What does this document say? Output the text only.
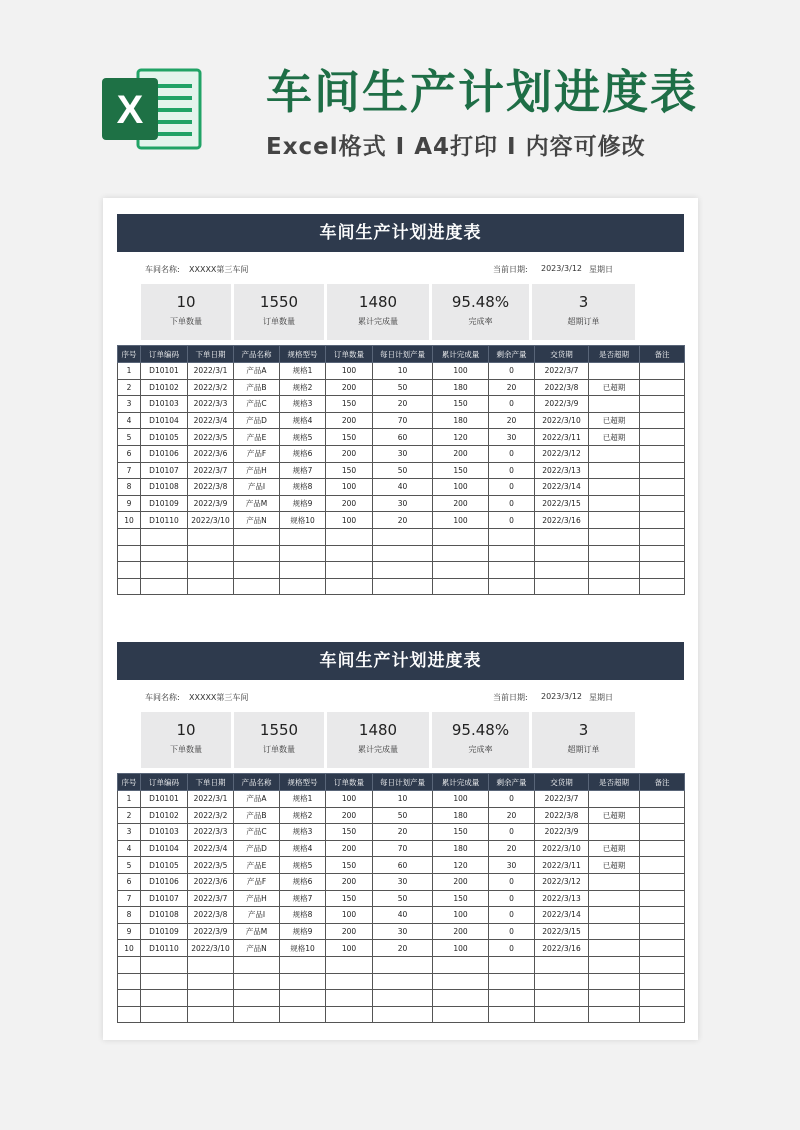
X	车间生产计划进度表
Excel格式 I A4打印 I 内容可修改
车间生产计划进度表
车间名称: XXXXX第三车间	当前日期: 2023/3/12 星期日
10
下单数量
1550
订单数量
1480
累计完成量
95.48%
完成率
3
超期订单
序号	订单编码	下单日期	产品名称	规格型号	订单数量	每日计划产量	累计完成量	剩余产量	交货期	是否超期	备注
1	D10101	2022/3/1	产品A	规格1	100	10	100	0	2022/3/7		
2	D10102	2022/3/2	产品B	规格2	200	50	180	20	2022/3/8	已超期	
3	D10103	2022/3/3	产品C	规格3	150	20	150	0	2022/3/9		
4	D10104	2022/3/4	产品D	规格4	200	70	180	20	2022/3/10	已超期	
5	D10105	2022/3/5	产品E	规格5	150	60	120	30	2022/3/11	已超期	
6	D10106	2022/3/6	产品F	规格6	200	30	200	0	2022/3/12		
7	D10107	2022/3/7	产品H	规格7	150	50	150	0	2022/3/13		
8	D10108	2022/3/8	产品I	规格8	100	40	100	0	2022/3/14		
9	D10109	2022/3/9	产品M	规格9	200	30	200	0	2022/3/15		
10	D10110	2022/3/10	产品N	规格10	100	20	100	0	2022/3/16		

车间生产计划进度表
车间名称: XXXXX第三车间	当前日期: 2023/3/12 星期日
10
下单数量
1550
订单数量
1480
累计完成量
95.48%
完成率
3
超期订单
序号	订单编码	下单日期	产品名称	规格型号	订单数量	每日计划产量	累计完成量	剩余产量	交货期	是否超期	备注
1	D10101	2022/3/1	产品A	规格1	100	10	100	0	2022/3/7		
2	D10102	2022/3/2	产品B	规格2	200	50	180	20	2022/3/8	已超期	
3	D10103	2022/3/3	产品C	规格3	150	20	150	0	2022/3/9		
4	D10104	2022/3/4	产品D	规格4	200	70	180	20	2022/3/10	已超期	
5	D10105	2022/3/5	产品E	规格5	150	60	120	30	2022/3/11	已超期	
6	D10106	2022/3/6	产品F	规格6	200	30	200	0	2022/3/12		
7	D10107	2022/3/7	产品H	规格7	150	50	150	0	2022/3/13		
8	D10108	2022/3/8	产品I	规格8	100	40	100	0	2022/3/14		
9	D10109	2022/3/9	产品M	规格9	200	30	200	0	2022/3/15		
10	D10110	2022/3/10	产品N	规格10	100	20	100	0	2022/3/16		
